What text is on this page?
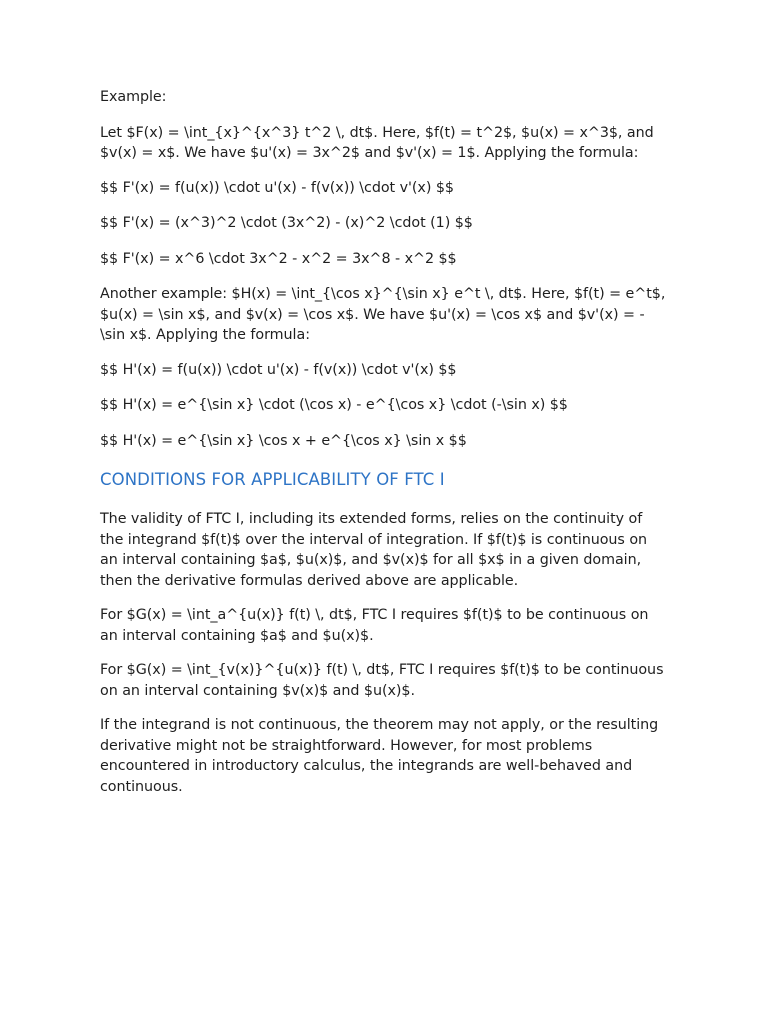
Example:

Let $F(x) = \int_{x}^{x^3} t^2 \, dt$. Here, $f(t) = t^2$, $u(x) = x^3$, and $v(x) = x$. We have $u'(x) = 3x^2$ and $v'(x) = 1$. Applying the formula:

$$ F'(x) = f(u(x)) \cdot u'(x) - f(v(x)) \cdot v'(x) $$

$$ F'(x) = (x^3)^2 \cdot (3x^2) - (x)^2 \cdot (1) $$

$$ F'(x) = x^6 \cdot 3x^2 - x^2 = 3x^8 - x^2 $$

Another example: $H(x) = \int_{\cos x}^{\sin x} e^t \, dt$. Here, $f(t) = e^t$, $u(x) = \sin x$, and $v(x) = \cos x$. We have $u'(x) = \cos x$ and $v'(x) = -\sin x$. Applying the formula:

$$ H'(x) = f(u(x)) \cdot u'(x) - f(v(x)) \cdot v'(x) $$

$$ H'(x) = e^{\sin x} \cdot (\cos x) - e^{\cos x} \cdot (-\sin x) $$

$$ H'(x) = e^{\sin x} \cos x + e^{\cos x} \sin x $$

CONDITIONS FOR APPLICABILITY OF FTC I

The validity of FTC I, including its extended forms, relies on the continuity of the integrand $f(t)$ over the interval of integration. If $f(t)$ is continuous on an interval containing $a$, $u(x)$, and $v(x)$ for all $x$ in a given domain, then the derivative formulas derived above are applicable.

For $G(x) = \int_a^{u(x)} f(t) \, dt$, FTC I requires $f(t)$ to be continuous on an interval containing $a$ and $u(x)$.

For $G(x) = \int_{v(x)}^{u(x)} f(t) \, dt$, FTC I requires $f(t)$ to be continuous on an interval containing $v(x)$ and $u(x)$.

If the integrand is not continuous, the theorem may not apply, or the resulting derivative might not be straightforward. However, for most problems encountered in introductory calculus, the integrands are well-behaved and continuous.
